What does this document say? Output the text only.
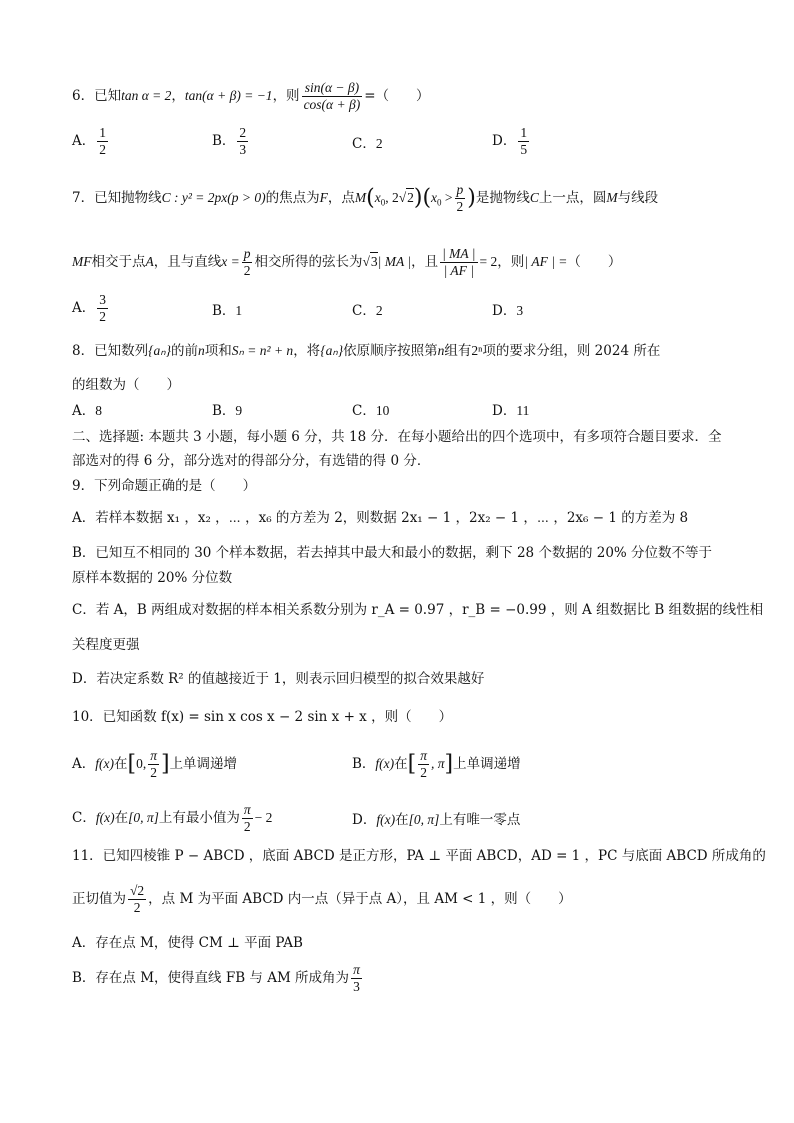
6．已知tan α = 2，tan(α + β) = −1，则 $\frac{\sin(\alpha - \beta)}{\cos(\alpha + \beta)}$ =（　　）
A． $\frac{1}{2}$	B． $\frac{2}{3}$	C．2	D． $\frac{1}{5}$
7．已知抛物线C : y² = 2px(p > 0)的焦点为F，点$M(x_0$, $2√2)(x_0 > \frac{p}{2}$ )是抛物线C上一点，圆M与线段
MF相交于点A，且与直线$x = \frac{p}{2}$ 相交所得的弦长为√3| MA |，且 $\frac{| MA |}{| AF |} = 2$，则| AF | =（　　）
A． $\frac{3}{2}$	B．1	C．2	D．3
8．已知数列{aₙ}的前n项和Sₙ = n² + n，将{aₙ}依原顺序按照第n组有2ⁿ项的要求分组，则 2024 所在
的组数为（　　）
A．8	B．9	C．10	D．11
二、选择题: 本题共 3 小题，每小题 6 分，共 18 分．在每小题给出的四个选项中，有多项符合题目要求．全
部选对的得 6 分，部分选对的得部分分，有选错的得 0 分．
9．下列命题正确的是（　　）
A．若样本数据 x₁ ，x₂ ，⋯ ，x₆ 的方差为 2，则数据 2x₁ − 1 ，2x₂ − 1 ，⋯ ，2x₆ − 1 的方差为 8
B．已知互不相同的 30 个样本数据，若去掉其中最大和最小的数据，剩下 28 个数据的 20% 分位数不等于
原样本数据的 20% 分位数
C．若 A，B 两组成对数据的样本相关系数分别为 r_A = 0.97 ，r_B = −0.99 ，则 A 组数据比 B 组数据的线性相
关程度更强
D．若决定系数 R² 的值越接近于 1，则表示回归模型的拟合效果越好
10．已知函数 f(x) = sin x cos x − 2 sin x + x ，则（　　）
A．f(x)在[0, $\frac{\pi}{2}$ ]上单调递增	B．f(x)在[ $\frac{\pi}{2}$ , π]上单调递增
C．f(x)在[0, π]上有最小值为 $\frac{\pi}{2} - 2$	D．f(x)在[0, π]上有唯一零点
11．已知四棱锥 P − ABCD ，底面 ABCD 是正方形，PA ⊥ 平面 ABCD，AD = 1 ，PC 与底面 ABCD 所成角的
正切值为 $\frac{√2}{2}$ ，点 M 为平面 ABCD 内一点（异于点 A），且 AM < 1 ，则（　　）
A．存在点 M，使得 CM ⊥ 平面 PAB
B．存在点 M，使得直线 FB 与 AM 所成角为 $\frac{\pi}{3}$
